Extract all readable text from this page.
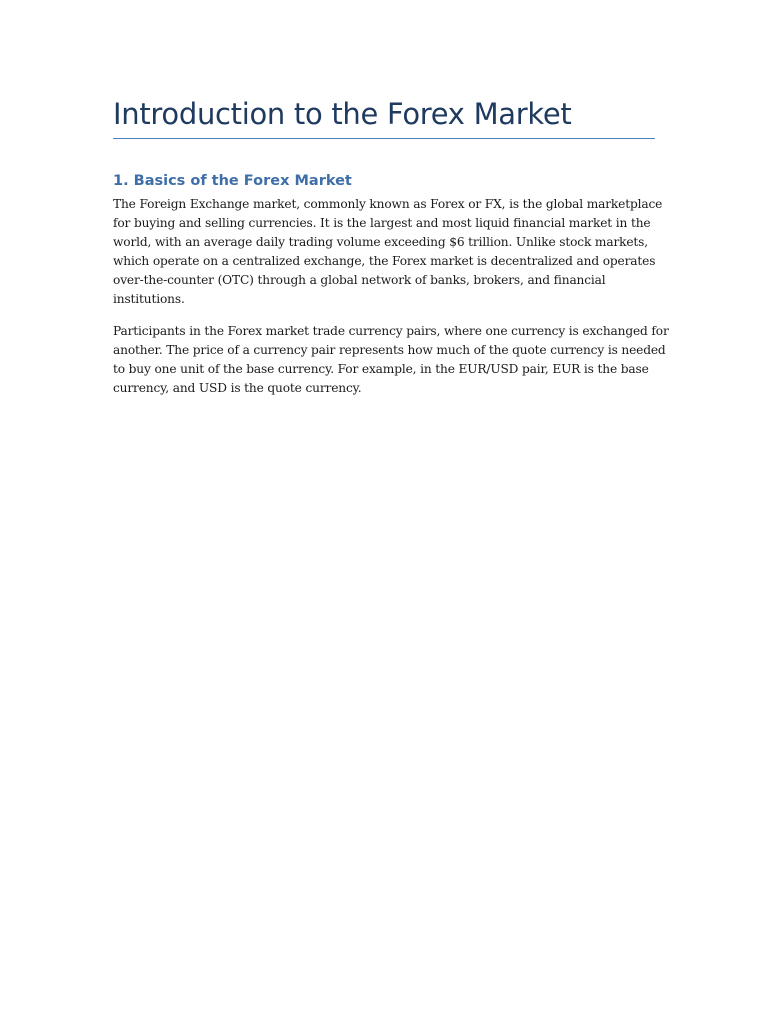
Introduction to the Forex Market
1. Basics of the Forex Market

The Foreign Exchange market, commonly known as Forex or FX, is the global marketplace
for buying and selling currencies. It is the largest and most liquid financial market in the
world, with an average daily trading volume exceeding $6 trillion. Unlike stock markets,
which operate on a centralized exchange, the Forex market is decentralized and operates
over-the-counter (OTC) through a global network of banks, brokers, and financial
institutions.

Participants in the Forex market trade currency pairs, where one currency is exchanged for
another. The price of a currency pair represents how much of the quote currency is needed
to buy one unit of the base currency. For example, in the EUR/USD pair, EUR is the base
currency, and USD is the quote currency.
